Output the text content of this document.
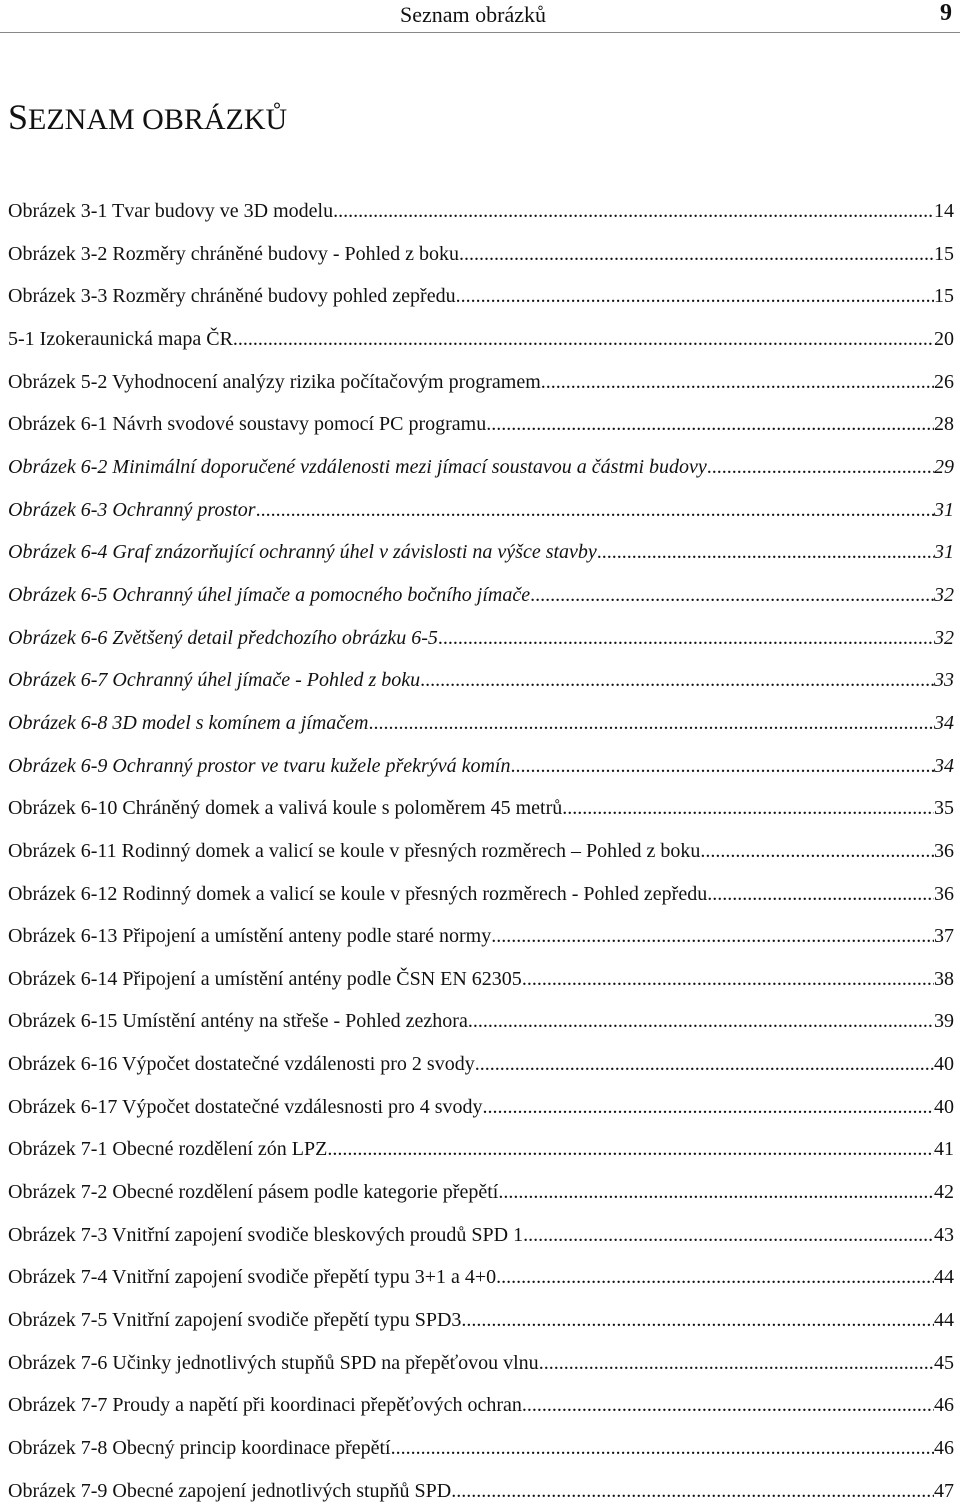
Seznam obrázků	9
SEZNAM OBRÁZKŮ
Obrázek 3-1 Tvar budovy ve 3D modelu .....	14
Obrázek 3-2 Rozměry chráněné budovy - Pohled z boku. .....	15
Obrázek 3-3 Rozměry chráněné budovy pohled zepředu .....	15
5-1 Izokeraunická mapa ČR .....	20
Obrázek 5-2 Vyhodnocení analýzy rizika počítačovým programem .....	26
Obrázek 6-1 Návrh svodové soustavy pomocí PC programu .....	28
Obrázek 6-2 Minimální doporučené vzdálenosti mezi jímací soustavou a částmi budovy .....	29
Obrázek 6-3 Ochranný prostor .....	31
Obrázek 6-4 Graf znázorňující ochranný úhel v závislosti na výšce stavby .....	31
Obrázek 6-5 Ochranný úhel jímače a pomocného bočního jímače .....	32
Obrázek 6-6 Zvětšený detail předchozího obrázku 6-5 .....	32
Obrázek 6-7 Ochranný úhel jímače - Pohled z boku .....	33
Obrázek 6-8 3D model s komínem a jímačem .....	34
Obrázek 6-9 Ochranný prostor ve tvaru kužele překrývá komín .....	34
Obrázek 6-10 Chráněný domek a valivá koule s poloměrem 45 metrů .....	35
Obrázek 6-11 Rodinný domek a valicí se koule v přesných rozměrech – Pohled z boku .....	36
Obrázek 6-12 Rodinný domek a valicí se koule v přesných rozměrech - Pohled zepředu .....	36
Obrázek 6-13 Připojení a umístění anteny podle staré normy .....	37
Obrázek 6-14 Připojení a umístění antény podle ČSN EN 62305 .....	38
Obrázek 6-15 Umístění antény na střeše - Pohled zezhora .....	39
Obrázek 6-16 Výpočet dostatečné vzdálenosti pro 2 svody .....	40
Obrázek 6-17 Výpočet dostatečné vzdálesnosti pro 4 svody .....	40
Obrázek 7-1 Obecné rozdělení zón LPZ .....	41
Obrázek 7-2 Obecné rozdělení pásem podle kategorie přepětí .....	42
Obrázek 7-3 Vnitřní zapojení svodiče bleskových proudů SPD 1 .....	43
Obrázek 7-4 Vnitřní zapojení svodiče přepětí typu 3+1 a 4+0 .....	44
Obrázek 7-5 Vnitřní zapojení svodiče přepětí typu SPD3 .....	44
Obrázek 7-6 Učinky jednotlivých stupňů SPD na přepěťovou vlnu .....	45
Obrázek 7-7 Proudy a napětí při koordinaci přepěťových ochran .....	46
Obrázek 7-8 Obecný princip koordinace přepětí .....	46
Obrázek 7-9 Obecné zapojení jednotlivých stupňů SPD .....	47
